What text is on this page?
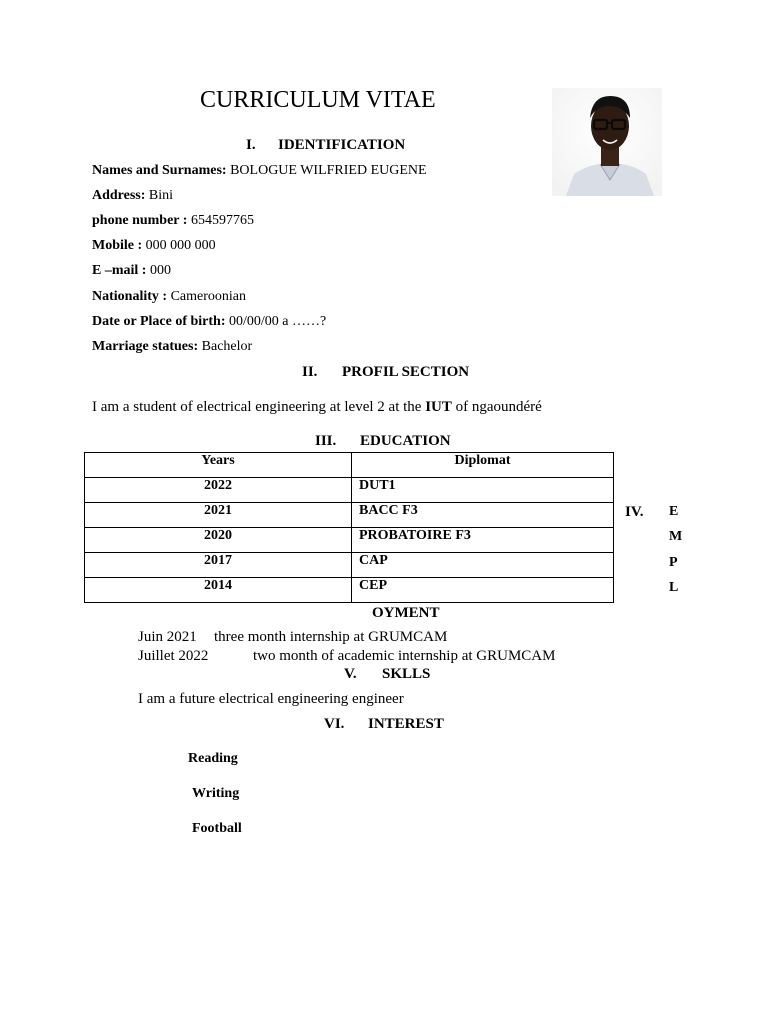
CURRICULUM VITAE
I. IDENTIFICATION
Names and Surnames: BOLOGUE WILFRIED EUGENE
Address: Bini
phone number : 654597765
Mobile : 000 000 000
E –mail : 000
Nationality : Cameroonian
Date or Place of birth: 00/00/00 a ……?
Marriage statues: Bachelor
II. PROFIL SECTION
I am a student of electrical engineering at level 2 at the IUT of ngaoundéré
III. EDUCATION
Years	Diplomat
2022	DUT1
2021	BACC F3
2020	PROBATOIRE F3
2017	CAP
2014	CEP
IV. E
M
P
L
OYMENT
Juin 2021 three month internship at GRUMCAM
Juillet 2022	two month of academic internship at GRUMCAM
V. SKLLS
I am a future electrical engineering engineer
VI. INTEREST
Reading
Writing
Football
